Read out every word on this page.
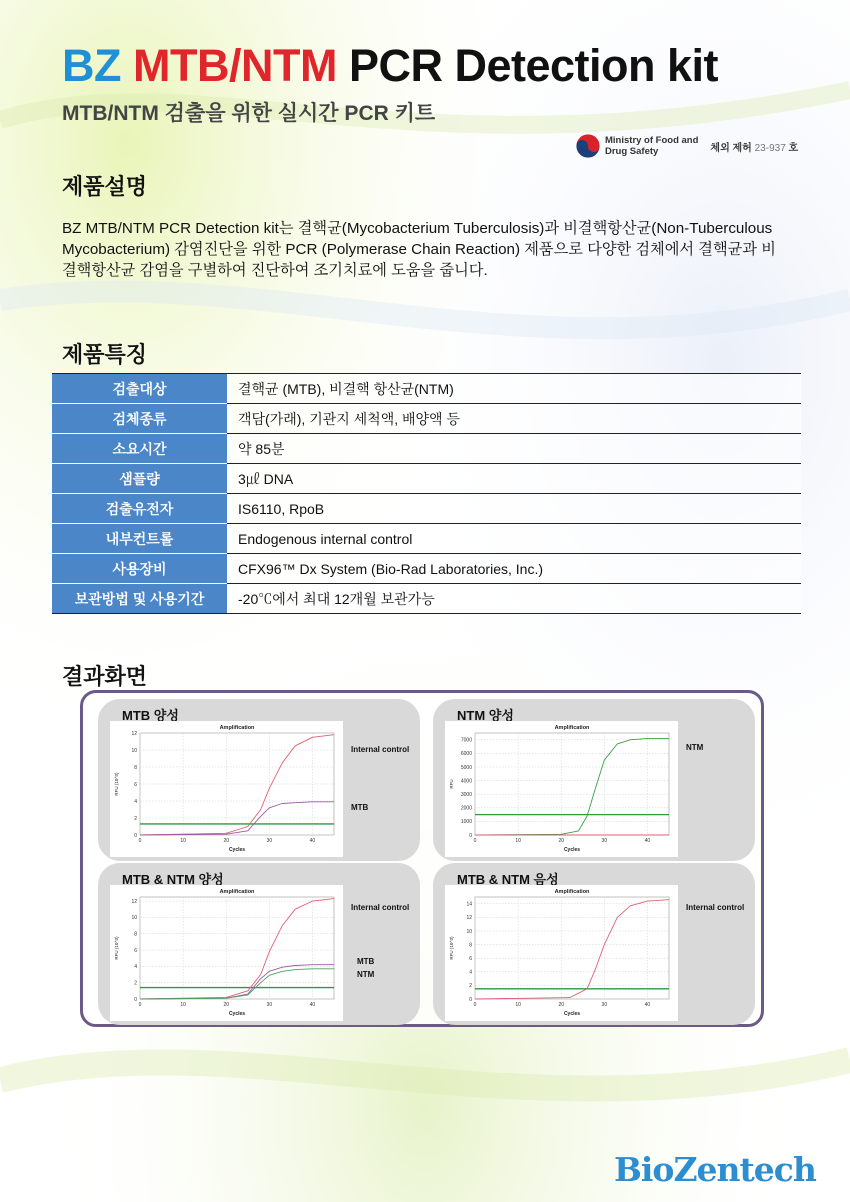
BZ MTB/NTM PCR Detection kit
MTB/NTM 검출을 위한 실시간 PCR 키트
Ministry of Food and
Drug Safety	체외 제허 23-937 호
제품설명
BZ MTB/NTM PCR Detection kit는 결핵균(Mycobacterium Tuberculosis)과 비결핵항산균(Non-Tuberculous Mycobacterium) 감염진단을 위한 PCR (Polymerase Chain Reaction) 제품으로 다양한 검체에서 결핵균과 비결핵항산균 감염을 구별하여 진단하여 조기치료에 도움을 줍니다.
제품특징
검출대상	결핵균 (MTB), 비결핵 항산균(NTM)
검체종류	객담(가래), 기관지 세척액, 배양액 등
소요시간	약 85분
샘플량	3㎕ DNA
검출유전자	IS6110, RpoB
내부컨트롤	Endogenous internal control
사용장비	CFX96™ Dx System (Bio-Rad Laboratories, Inc.)
보관방법 및 사용기간	-20℃에서 최대 12개월 보관가능
결과화면
MTB 양성
Amplification
0
2
4
6
8
10
12
0	10	20	30	40
Cycles
RFU (10^3)
Internal control
MTB
NTM 양성
Amplification
0
1000
2000
3000
4000
5000
6000
7000
0	10	20	30	40
Cycles
RFU
NTM
MTB & NTM 양성
Amplification
0
2
4
6
8
10
12
0	10	20	30	40
Cycles
RFU (10^3)
Internal control
MTB
NTM
MTB & NTM 음성
Amplification
0
2
4
6
8
10
12
14
0	10	20	30	40
Cycles
RFU (10^3)
Internal control
BioZentech
